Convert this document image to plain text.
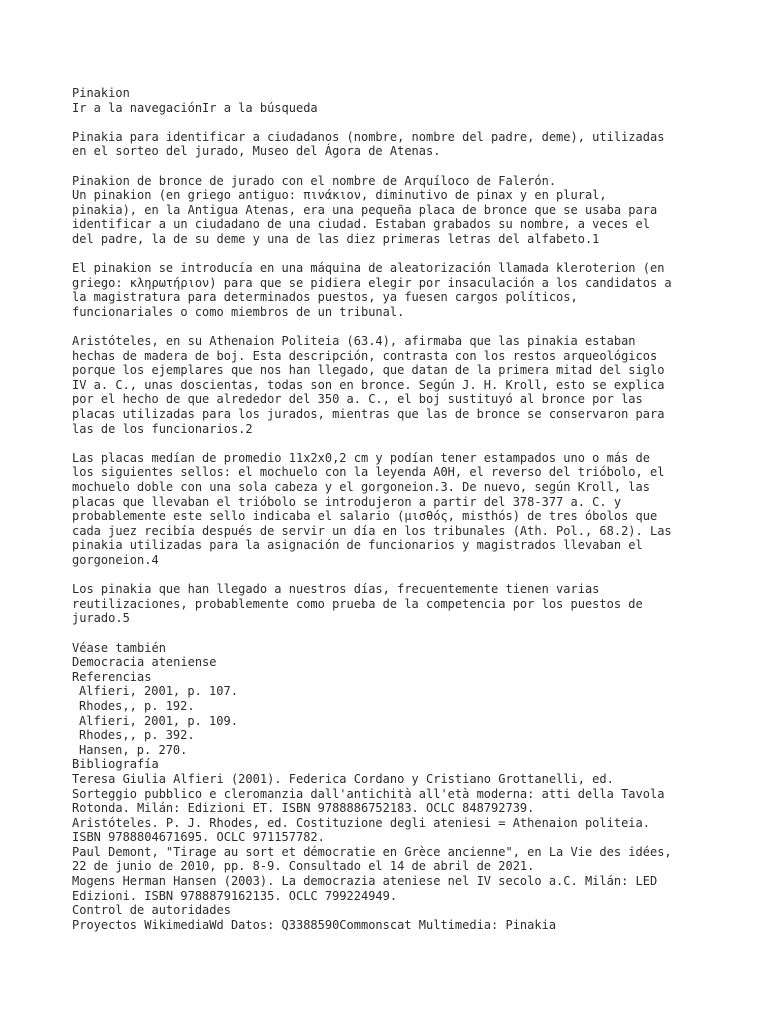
Pinakion
Ir a la navegaciónIr a la búsqueda
Pinakia para identificar a ciudadanos (nombre, nombre del padre, deme), utilizadas
en el sorteo del jurado, Museo del Ágora de Atenas.
Pinakion de bronce de jurado con el nombre de Arquíloco de Falerón.
Un pinakion (en griego antiguo: πινάκιον, diminutivo de pinax y en plural,
pinakia), en la Antigua Atenas, era una pequeña placa de bronce que se usaba para
identificar a un ciudadano de una ciudad. Estaban grabados su nombre, a veces el
del padre, la de su deme y una de las diez primeras letras del alfabeto.1
El pinakion se introducía en una máquina de aleatorización llamada kleroterion (en
griego: κληρωτήριον) para que se pidiera elegir por insaculación a los candidatos a
la magistratura para determinados puestos, ya fuesen cargos políticos,
funcionariales o como miembros de un tribunal.
Aristóteles, en su Athenaion Politeia (63.4), afirmaba que las pinakia estaban
hechas de madera de boj. Esta descripción, contrasta con los restos arqueológicos
porque los ejemplares que nos han llegado, que datan de la primera mitad del siglo
IV a. C., unas doscientas, todas son en bronce. Según J. H. Kroll, esto se explica
por el hecho de que alrededor del 350 a. C., el boj sustituyó al bronce por las
placas utilizadas para los jurados, mientras que las de bronce se conservaron para
las de los funcionarios.2
Las placas medían de promedio 11x2x0,2 cm y podían tener estampados uno o más de
los siguientes sellos: el mochuelo con la leyenda AΘH, el reverso del trióbolo, el
mochuelo doble con una sola cabeza y el gorgoneion.3. De nuevo, según Kroll, las
placas que llevaban el trióbolo se introdujeron a partir del 378-377 a. C. y
probablemente este sello indicaba el salario (μισθός, misthós) de tres óbolos que
cada juez recibía después de servir un día en los tribunales (Ath. Pol., 68.2). Las
pinakia utilizadas para la asignación de funcionarios y magistrados llevaban el
gorgoneion.4
Los pinakia que han llegado a nuestros días, frecuentemente tienen varias
reutilizaciones, probablemente como prueba de la competencia por los puestos de
jurado.5
Véase también
Democracia ateniense
Referencias
Alfieri, 2001, p. 107.
Rhodes,, p. 192.
Alfieri, 2001, p. 109.
Rhodes,, p. 392.
Hansen, p. 270.
Bibliografía
Teresa Giulia Alfieri (2001). Federica Cordano y Cristiano Grottanelli, ed.
Sorteggio pubblico e cleromanzia dall'antichità all'età moderna: atti della Tavola
Rotonda. Milán: Edizioni ET. ISBN 9788886752183. OCLC 848792739.
Aristóteles. P. J. Rhodes, ed. Costituzione degli ateniesi = Athenaion politeia.
ISBN 9788804671695. OCLC 971157782.
Paul Demont, "Tirage au sort et démocratie en Grèce ancienne", en La Vie des idées,
22 de junio de 2010, pp. 8-9. Consultado el 14 de abril de 2021.
Mogens Herman Hansen (2003). La democrazia ateniese nel IV secolo a.C. Milán: LED
Edizioni. ISBN 9788879162135. OCLC 799224949.
Control de autoridades
Proyectos WikimediaWd Datos: Q3388590Commonscat Multimedia: Pinakia
